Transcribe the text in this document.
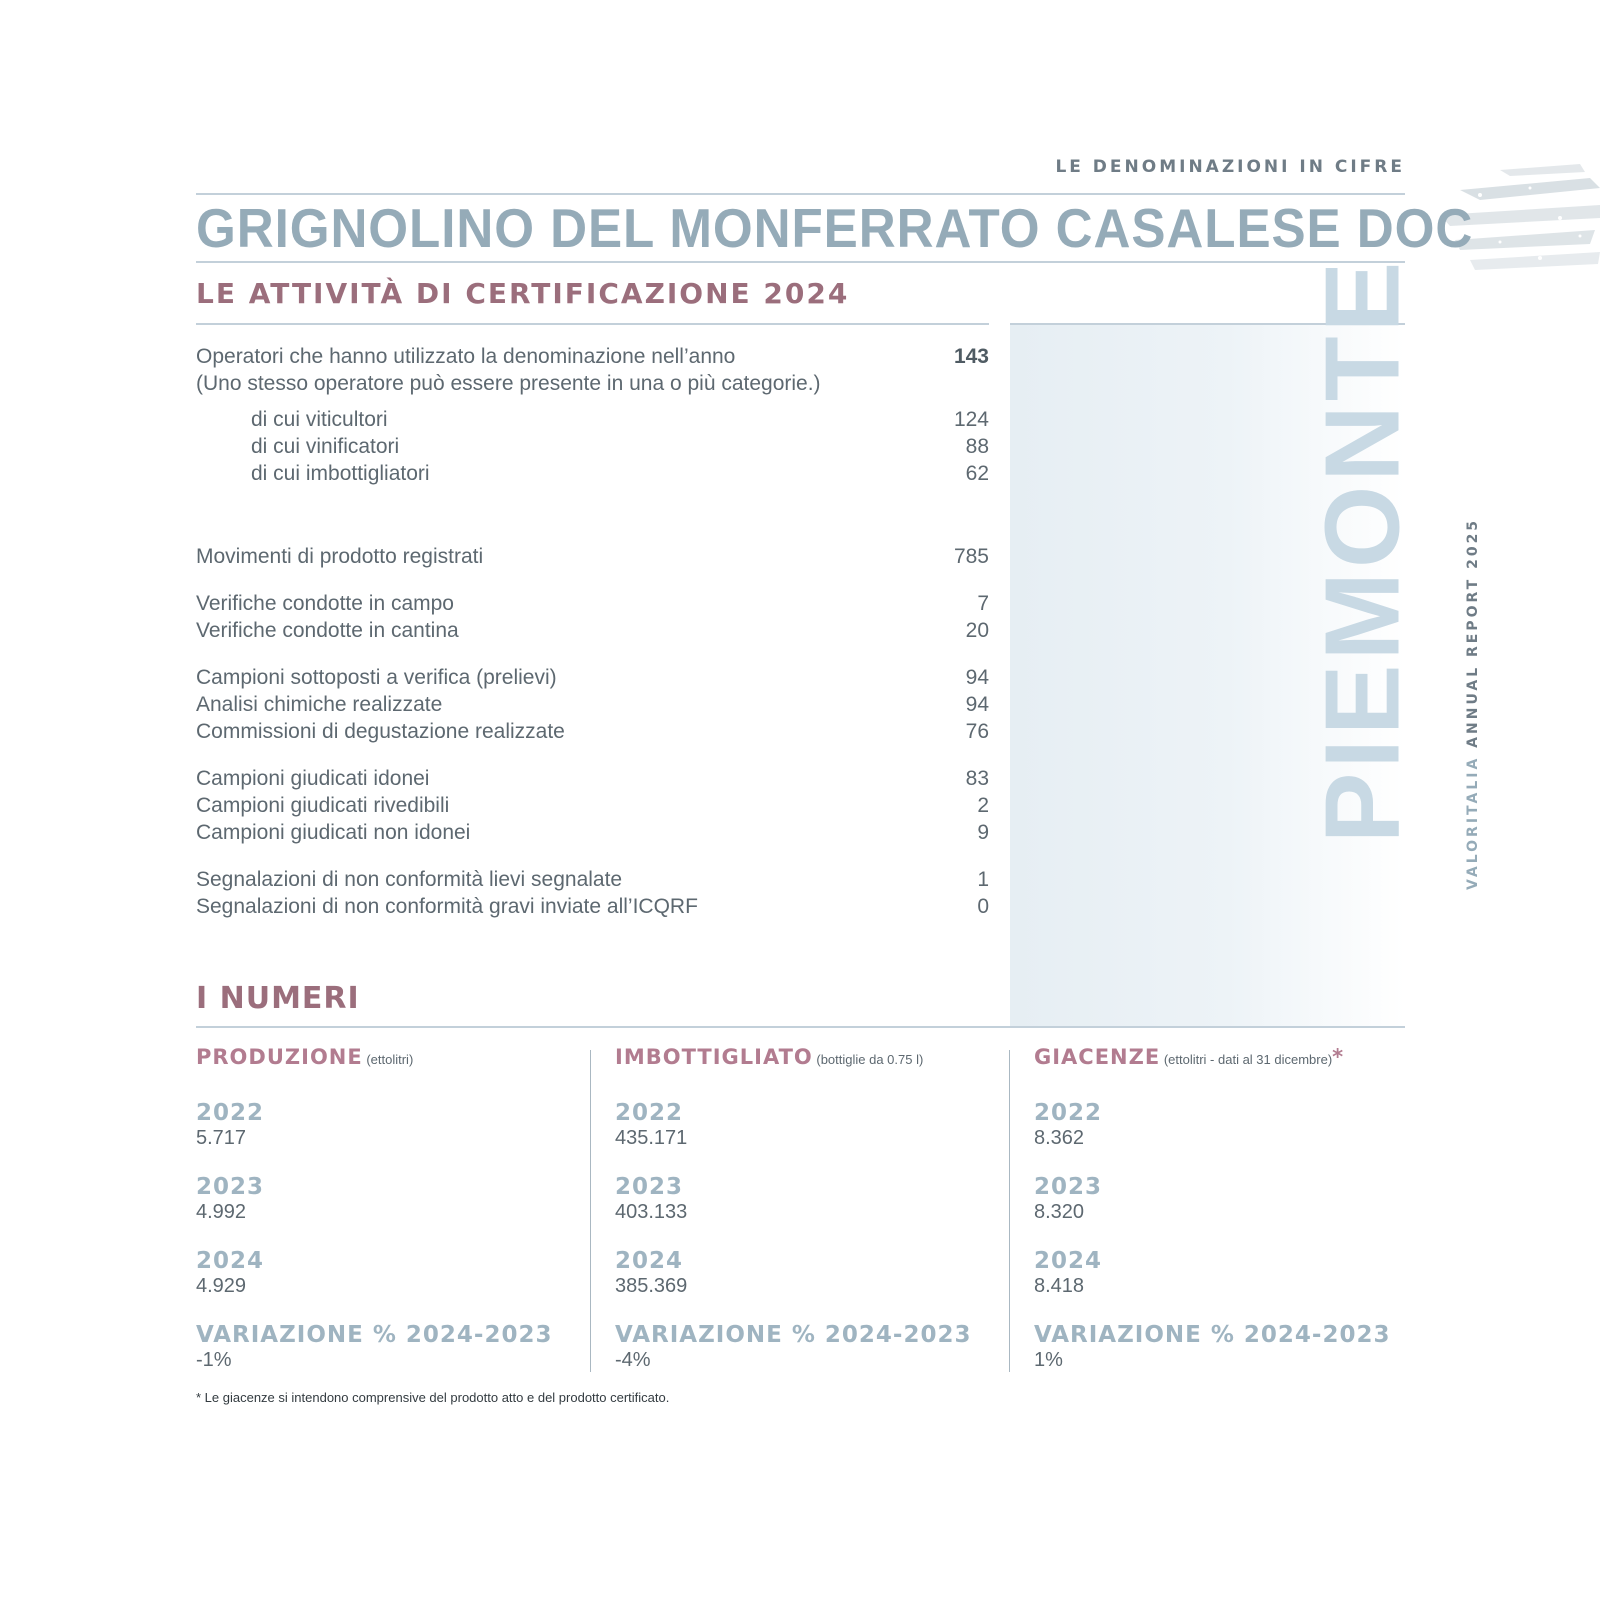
LE DENOMINAZIONI IN CIFRE
GRIGNOLINO DEL MONFERRATO CASALESE DOC
LE ATTIVITÀ DI CERTIFICAZIONE 2024	PIEMONTE	VALORITALIA ANNUAL REPORT 2025
Operatori che hanno utilizzato la denominazione nell’anno	143
(Uno stesso operatore può essere presente in una o più categorie.)
di cui viticultori	124
di cui vinificatori	88
di cui imbottigliatori	62
Movimenti di prodotto registrati	785
Verifiche condotte in campo	7
Verifiche condotte in cantina	20
Campioni sottoposti a verifica (prelievi)	94
Analisi chimiche realizzate	94
Commissioni di degustazione realizzate	76
Campioni giudicati idonei	83
Campioni giudicati rivedibili	2
Campioni giudicati non idonei	9
Segnalazioni di non conformità lievi segnalate	1
Segnalazioni di non conformità gravi inviate all’ICQRF	0
I NUMERI
PRODUZIONE (ettolitri)
2022
5.717
2023
4.992
2024
4.929
VARIAZIONE % 2024-2023
-1%
IMBOTTIGLIATO (bottiglie da 0.75 l)
2022
435.171
2023
403.133
2024
385.369
VARIAZIONE % 2024-2023
-4%
GIACENZE (ettolitri - dati al 31 dicembre)*
2022
8.362
2023
8.320
2024
8.418
VARIAZIONE % 2024-2023
1%
* Le giacenze si intendono comprensive del prodotto atto e del prodotto certificato.
